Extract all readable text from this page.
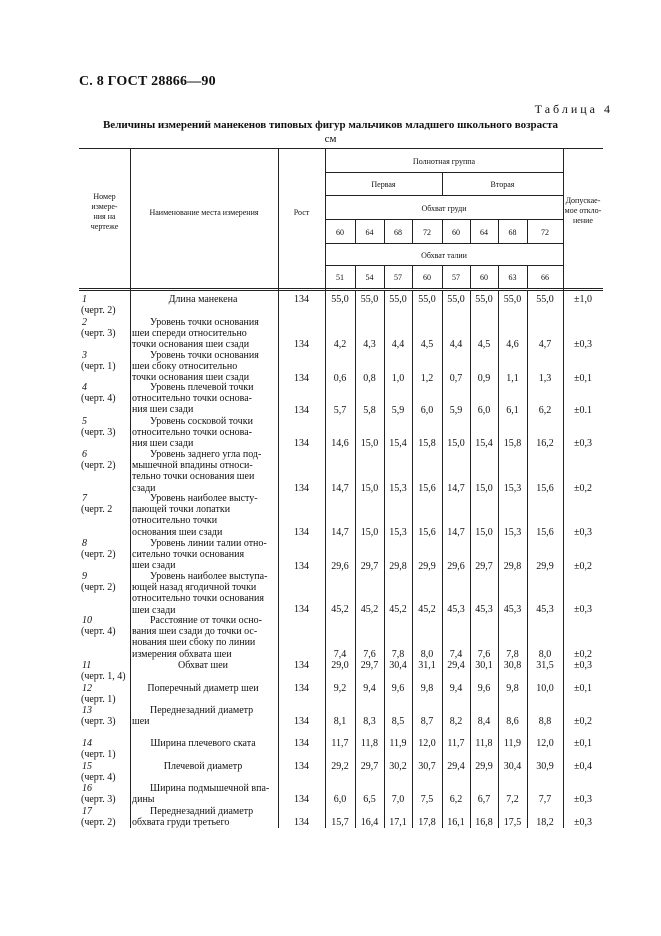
С. 8 ГОСТ 28866—90
Таблица 4
Величины измерений манекенов типовых фигур мальчиков младшего школьного возраста
см
Номер
измере-
ния на
чертеже
Наименование места измерения	Рост
Полнотная группа
Первая	Вторая
Обхват груди
Обхват талии
Допускае-
мое откло-
нение
60	64	68	72	60	64	68	72
51	54	57	60	57	60	63	66
1
(черт. 2)
Длина манекена	134	55,0	55,0	55,0	55,0	55,0	55,0	55,0	55,0	±1,0
2
(черт. 3)
Уровень точки основания
шеи спереди относительно
точки основания шеи сзади	134	4,2	4,3	4,4	4,5	4,4	4,5	4,6	4,7	±0,3
3
(черт. 1)
Уровень точки основания
шеи сбоку относительно
точки основания шеи сзади	134	0,6	0,8	1,0	1,2	0,7	0,9	1,1	1,3	±0,1
4
(черт. 4)
Уровень плечевой точки
относительно точки основа-
ния шеи сзади	134	5,7	5,8	5,9	6,0	5,9	6,0	6,1	6,2	±0.1
5
(черт. 3)
Уровень сосковой точки
относительно точки основа-
ния шеи сзади	134	14,6	15,0	15,4	15,8	15,0	15,4	15,8	16,2	±0,3
6
(черт. 2)
Уровень заднего угла под-
мышечной впадины относи-
тельно точки основания шеи
сзади	134	14,7	15,0	15,3	15,6	14,7	15,0	15,3	15,6	±0,2
7
(черт. 2
Уровень наиболее высту-
пающей точки лопатки
относительно точки
основания шеи сзади	134	14,7	15,0	15,3	15,6	14,7	15,0	15,3	15,6	±0,3
8
(черт. 2)
Уровень линии талии отно-
сительно точки основания
шеи сзади	134	29,6	29,7	29,8	29,9	29,6	29,7	29,8	29,9	±0,2
9
(черт. 2)
Уровень наиболее выступа-
ющей назад ягодичной точки
относительно точки основания
шеи сзади	134	45,2	45,2	45,2	45,2	45,3	45,3	45,3	45,3	±0,3
10
(черт. 4)
Расстояние от точки осно-
вания шеи сзади до точки ос-
нования шеи сбоку по линии
измерения обхвата шеи	7,4	7,6	7,8	8,0	7,4	7,6	7,8	8,0	±0,2
11
(черт. 1, 4)
Обхват шеи	134	29,0	29,7	30,4	31,1	29,4	30,1	30,8	31,5	±0,3
12
(черт. 1)
Поперечный диаметр шеи	134	9,2	9,4	9,6	9,8	9,4	9,6	9,8	10,0	±0,1
13
(черт. 3)
Переднезадний диаметр
шеи	134	8,1	8,3	8,5	8,7	8,2	8,4	8,6	8,8	±0,2
14
(черт. 1)
Ширина плечевого ската	134	11,7	11,8	11,9	12,0	11,7	11,8	11,9	12,0	±0,1
15
(черт. 4)
Плечевой диаметр	134	29,2	29,7	30,2	30,7	29,4	29,9	30,4	30,9	±0,4
16
(черт. 3)
Ширина подмышечной впа-
дины	134	6,0	6,5	7,0	7,5	6,2	6,7	7,2	7,7	±0,3
17
(черт. 2)
Переднезадний диаметр
обхвата груди третьего	134	15,7	16,4	17,1	17,8	16,1	16,8	17,5	18,2	±0,3
